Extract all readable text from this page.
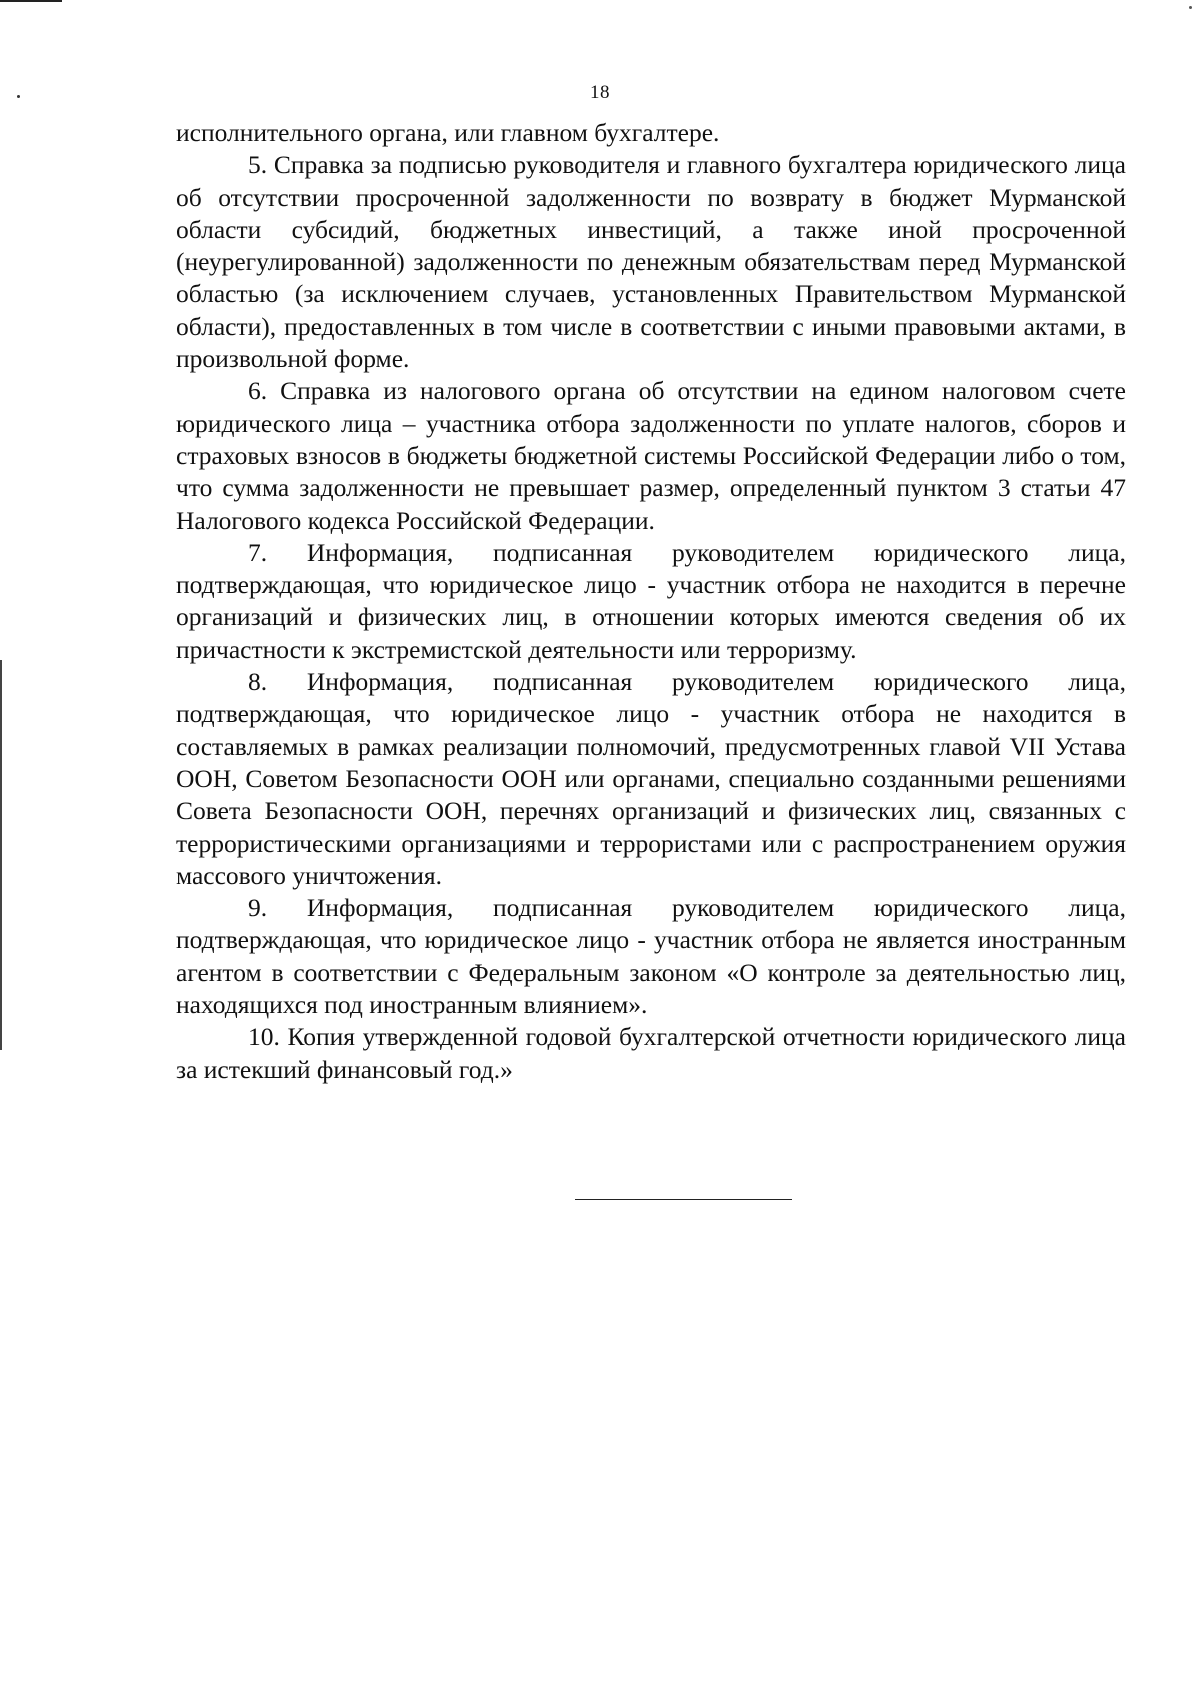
18

исполнительного органа, или главном бухгалтере.

5. Справка за подписью руководителя и главного бухгалтера юридического лица об отсутствии просроченной задолженности по возврату в бюджет Мурманской области субсидий, бюджетных инвестиций, а также иной просроченной (неурегулированной) задолженности по денежным обязательствам перед Мурманской областью (за исключением случаев, установленных Правительством Мурманской области), предоставленных в том числе в соответствии с иными правовыми актами, в произвольной форме.

6. Справка из налогового органа об отсутствии на едином налоговом счете юридического лица – участника отбора задолженности по уплате налогов, сборов и страховых взносов в бюджеты бюджетной системы Российской Федерации либо о том, что сумма задолженности не превышает размер, определенный пунктом 3 статьи 47 Налогового кодекса Российской Федерации.

7. Информация, подписанная руководителем юридического лица, подтверждающая, что юридическое лицо - участник отбора не находится в перечне организаций и физических лиц, в отношении которых имеются сведения об их причастности к экстремистской деятельности или терроризму.

8. Информация, подписанная руководителем юридического лица, подтверждающая, что юридическое лицо - участник отбора не находится в составляемых в рамках реализации полномочий, предусмотренных главой VII Устава ООН, Советом Безопасности ООН или органами, специально созданными решениями Совета Безопасности ООН, перечнях организаций и физических лиц, связанных с террористическими организациями и террористами или с распространением оружия массового уничтожения.

9. Информация, подписанная руководителем юридического лица, подтверждающая, что юридическое лицо - участник отбора не является иностранным агентом в соответствии с Федеральным законом «О контроле за деятельностью лиц, находящихся под иностранным влиянием».

10. Копия утвержденной годовой бухгалтерской отчетности юридического лица за истекший финансовый год.»
